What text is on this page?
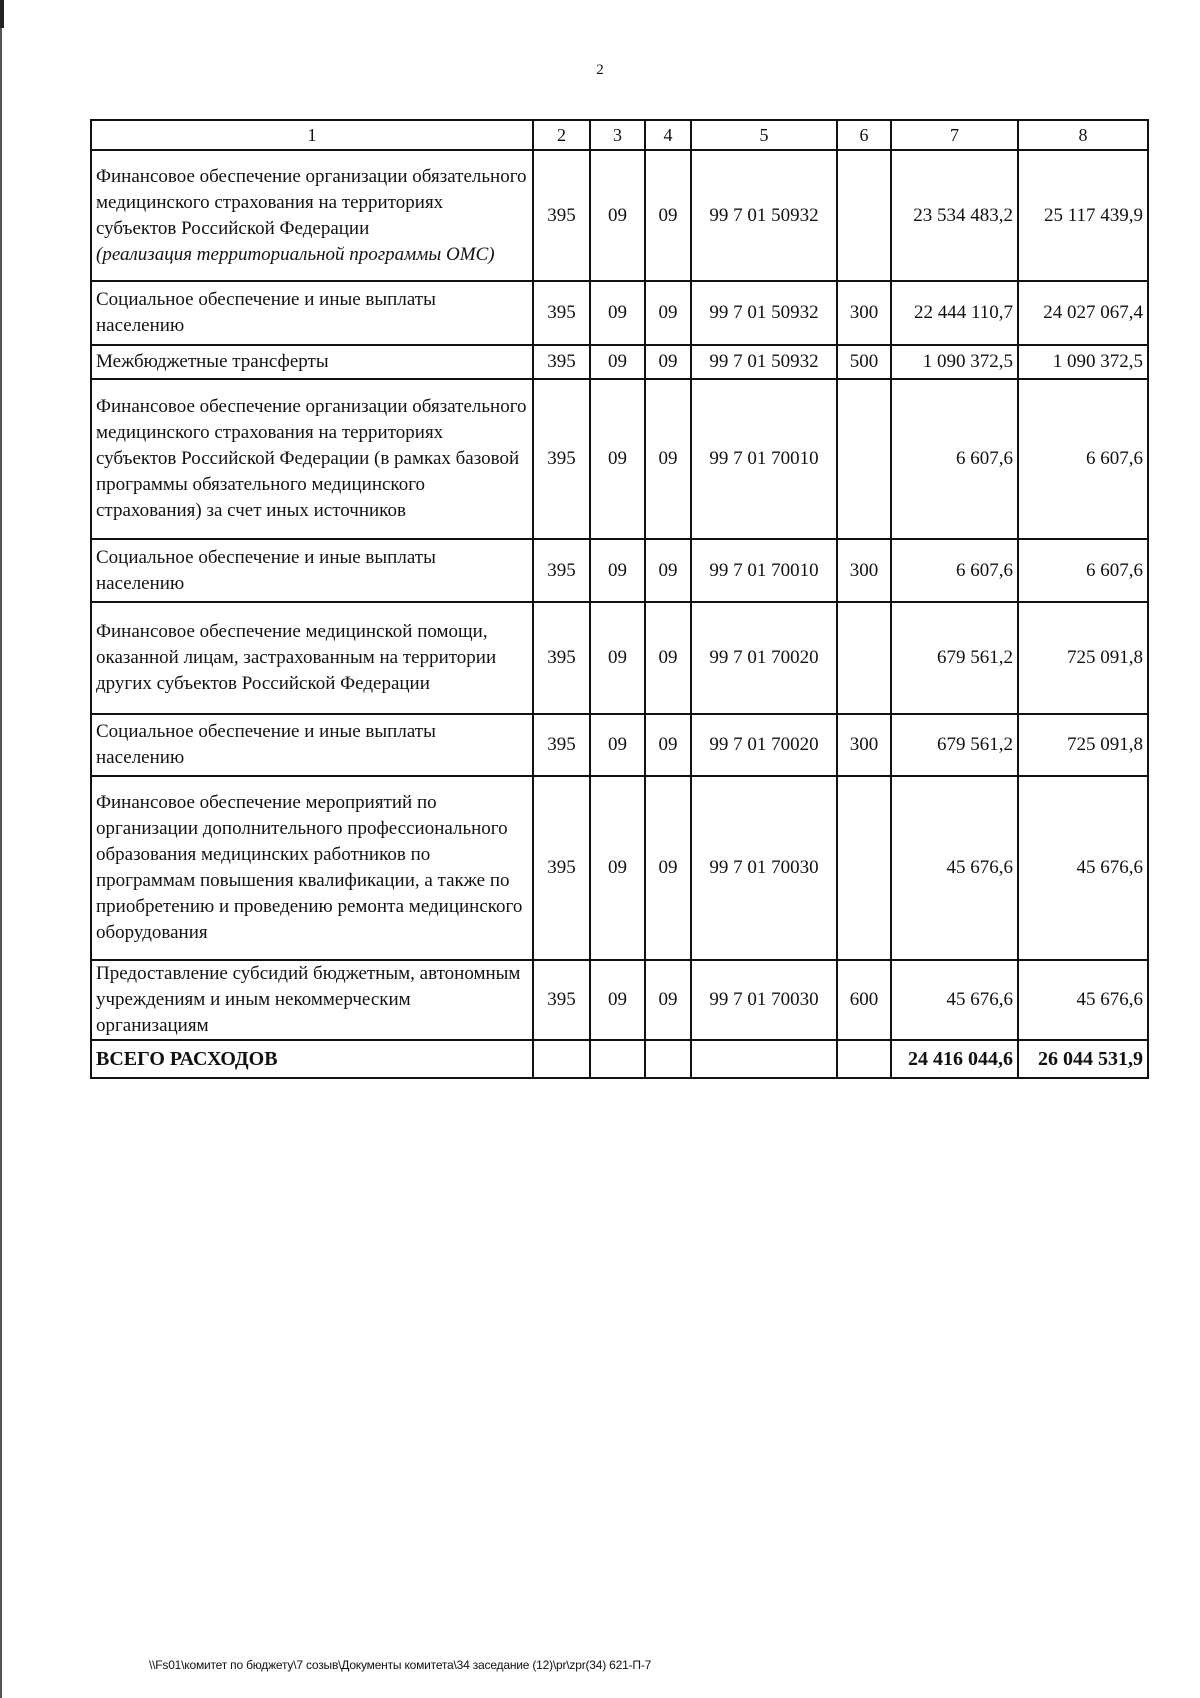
2
1	2	3	4	5	6	7	8
Финансовое обеспечение организации обязательного медицинского страхования на территориях субъектов Российской Федерации
(реализация территориальной программы ОМС)	395	09	09	99 7 01 50932		23 534 483,2	25 117 439,9
Социальное обеспечение и иные выплаты населению	395	09	09	99 7 01 50932	300	22 444 110,7	24 027 067,4
Межбюджетные трансферты	395	09	09	99 7 01 50932	500	1 090 372,5	1 090 372,5
Финансовое обеспечение организации обязательного медицинского страхования на территориях субъектов Российской Федерации (в рамках базовой программы обязательного медицинского страхования) за счет иных источников	395	09	09	99 7 01 70010		6 607,6	6 607,6
Социальное обеспечение и иные выплаты населению	395	09	09	99 7 01 70010	300	6 607,6	6 607,6
Финансовое обеспечение медицинской помощи, оказанной лицам, застрахованным на территории других субъектов Российской Федерации	395	09	09	99 7 01 70020		679 561,2	725 091,8
Социальное обеспечение и иные выплаты населению	395	09	09	99 7 01 70020	300	679 561,2	725 091,8
Финансовое обеспечение мероприятий по организации дополнительного профессионального образования медицинских работников по программам повышения квалификации, а также по приобретению и проведению ремонта медицинского оборудования	395	09	09	99 7 01 70030		45 676,6	45 676,6
Предоставление субсидий бюджетным, автономным учреждениям и иным некоммерческим организациям	395	09	09	99 7 01 70030	600	45 676,6	45 676,6
ВСЕГО РАСХОДОВ						24 416 044,6	26 044 531,9
\\Fs01\комитет по бюджету\7 созыв\Документы комитета\34 заседание (12)\pr\zpr(34) 621-П-7
